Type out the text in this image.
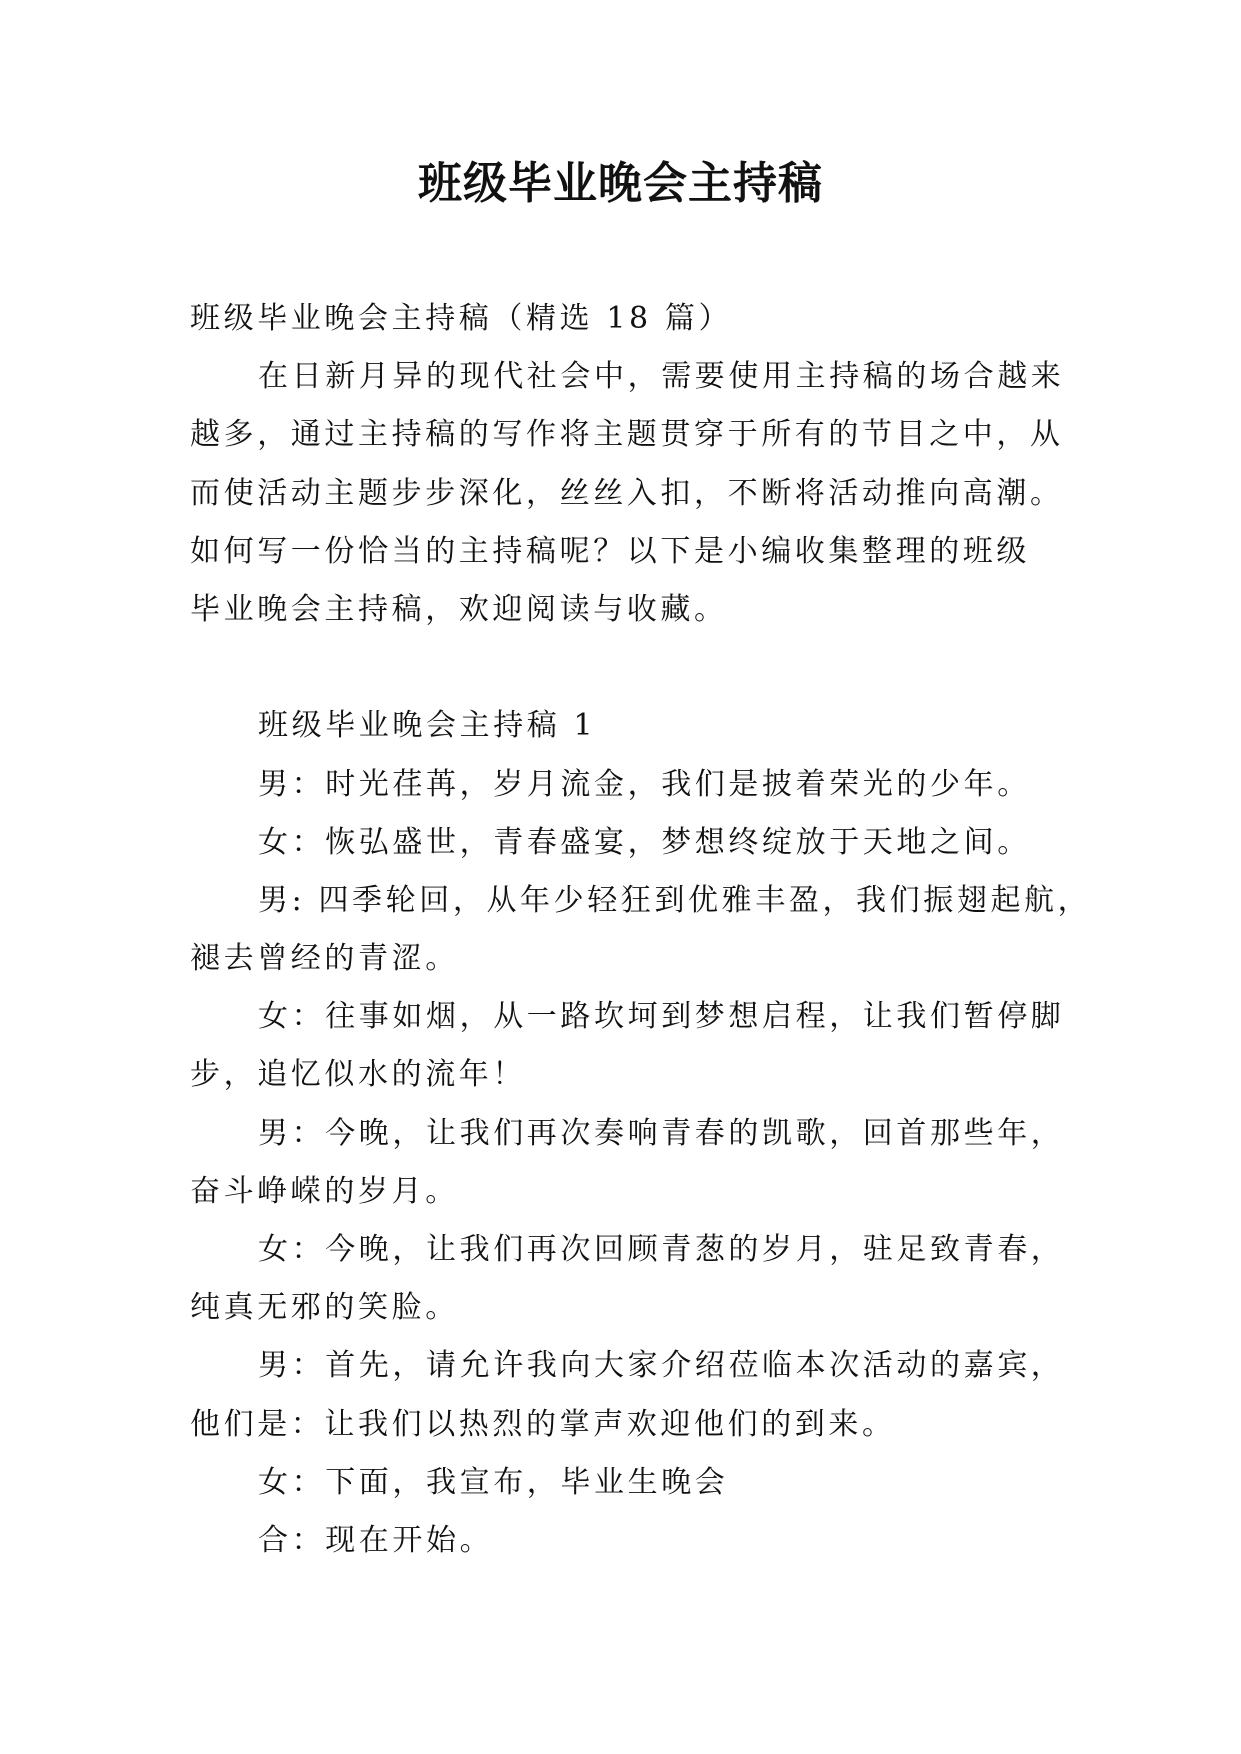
班级毕业晚会主持稿
班级毕业晚会主持稿（精选 18 篇）
在日新月异的现代社会中，需要使用主持稿的场合越来
越多，通过主持稿的写作将主题贯穿于所有的节目之中，从
而使活动主题步步深化，丝丝入扣，不断将活动推向高潮。
如何写一份恰当的主持稿呢？以下是小编收集整理的班级
毕业晚会主持稿，欢迎阅读与收藏。
班级毕业晚会主持稿 1
男：时光荏苒，岁月流金，我们是披着荣光的少年。
女：恢弘盛世，青春盛宴，梦想终绽放于天地之间。
男: 四季轮回，从年少轻狂到优雅丰盈，我们振翅起航，
褪去曾经的青涩。
女：往事如烟，从一路坎坷到梦想启程，让我们暂停脚
步，追忆似水的流年！
男：今晚，让我们再次奏响青春的凯歌，回首那些年，
奋斗峥嵘的岁月。
女：今晚，让我们再次回顾青葱的岁月，驻足致青春，
纯真无邪的笑脸。
男：首先，请允许我向大家介绍莅临本次活动的嘉宾，
他们是：让我们以热烈的掌声欢迎他们的到来。
女：下面，我宣布，毕业生晚会
合：现在开始。
